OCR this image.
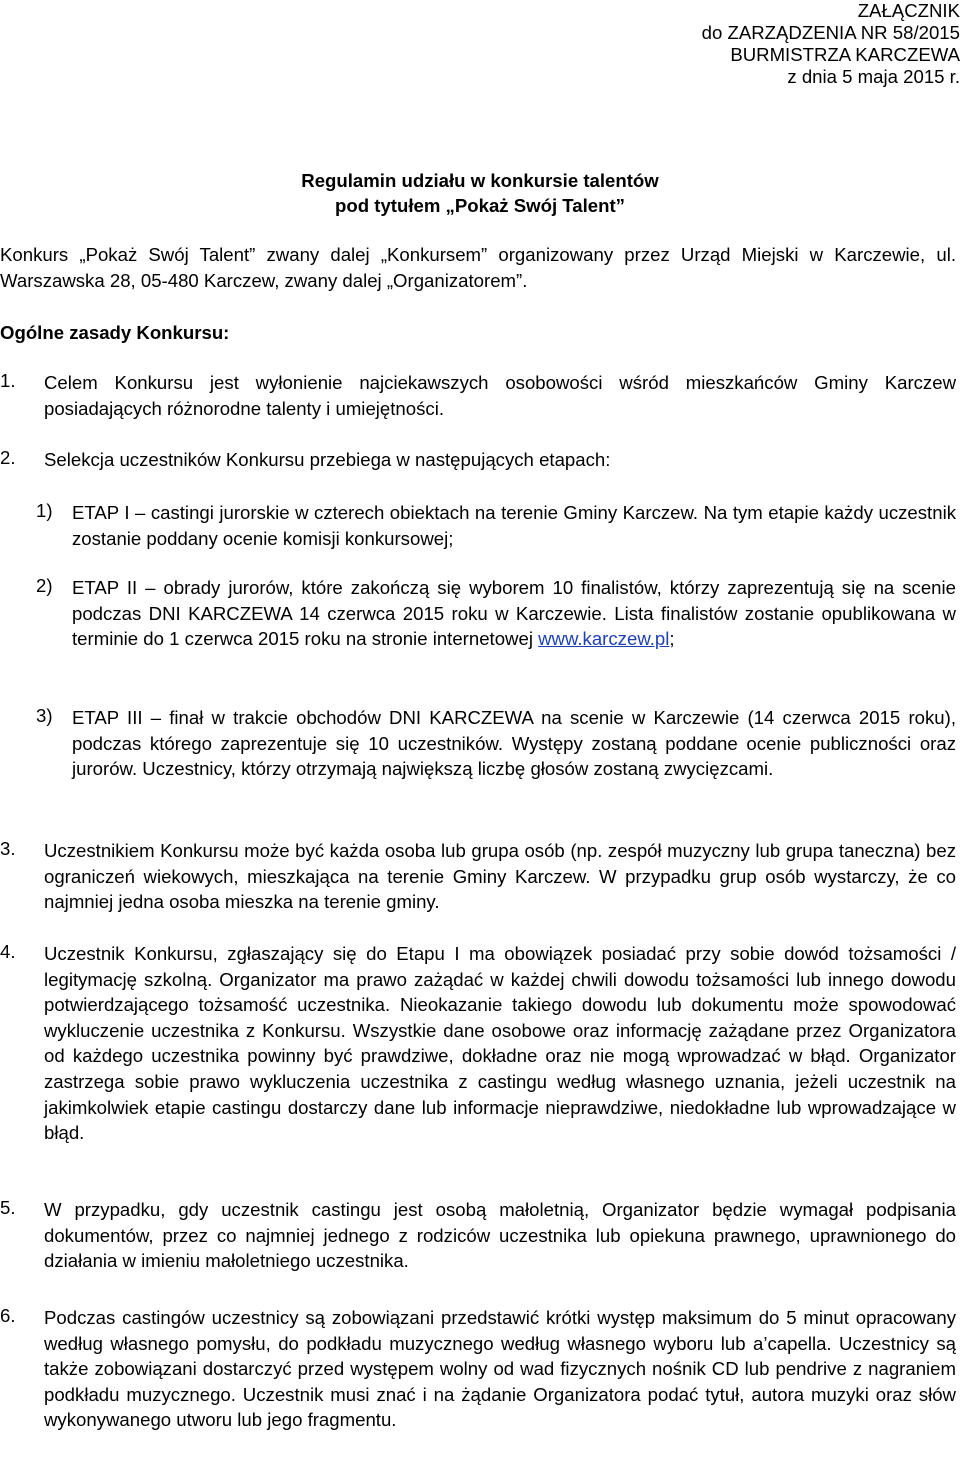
ZAŁĄCZNIK

do ZARZĄDZENIA NR 58/2015

BURMISTRZA KARCZEWA

z dnia 5 maja 2015 r.

Regulamin udziału w konkursie talentów

pod tytułem „Pokaż Swój Talent”

Konkurs „Pokaż Swój Talent” zwany dalej „Konkursem” organizowany przez Urząd Miejski w Karczewie, ul. Warszawska 28, 05-480 Karczew, zwany dalej „Organizatorem”.

Ogólne zasady Konkursu:

1. Celem Konkursu jest wyłonienie najciekawszych osobowości wśród mieszkańców Gminy Karczew posiadających różnorodne talenty i umiejętności.

2. Selekcja uczestników Konkursu przebiega w następujących etapach:

1) ETAP I – castingi jurorskie w czterech obiektach na terenie Gminy Karczew. Na tym etapie każdy uczestnik zostanie poddany ocenie komisji konkursowej;

2) ETAP II – obrady jurorów, które zakończą się wyborem 10 finalistów, którzy zaprezentują się na scenie podczas DNI KARCZEWA 14 czerwca 2015 roku w Karczewie. Lista finalistów zostanie opublikowana w terminie do 1 czerwca 2015 roku na stronie internetowej www.karczew.pl;

3) ETAP III – finał w trakcie obchodów DNI KARCZEWA na scenie w Karczewie (14 czerwca 2015 roku), podczas którego zaprezentuje się 10 uczestników. Występy zostaną poddane ocenie publiczności oraz jurorów. Uczestnicy, którzy otrzymają największą liczbę głosów zostaną zwycięzcami.

3. Uczestnikiem Konkursu może być każda osoba lub grupa osób (np. zespół muzyczny lub grupa taneczna) bez ograniczeń wiekowych, mieszkająca na terenie Gminy Karczew. W przypadku grup osób wystarczy, że co najmniej jedna osoba mieszka na terenie gminy.

4. Uczestnik Konkursu, zgłaszający się do Etapu I ma obowiązek posiadać przy sobie dowód tożsamości / legitymację szkolną. Organizator ma prawo zażądać w każdej chwili dowodu tożsamości lub innego dowodu potwierdzającego tożsamość uczestnika. Nieokazanie takiego dowodu lub dokumentu może spowodować wykluczenie uczestnika z Konkursu. Wszystkie dane osobowe oraz informację zażądane przez Organizatora od każdego uczestnika powinny być prawdziwe, dokładne oraz nie mogą wprowadzać w błąd. Organizator zastrzega sobie prawo wykluczenia uczestnika z castingu według własnego uznania, jeżeli uczestnik na jakimkolwiek etapie castingu dostarczy dane lub informacje nieprawdziwe, niedokładne lub wprowadzające w błąd.

5. W przypadku, gdy uczestnik castingu jest osobą małoletnią, Organizator będzie wymagał podpisania dokumentów, przez co najmniej jednego z rodziców uczestnika lub opiekuna prawnego, uprawnionego do działania w imieniu małoletniego uczestnika.

6. Podczas castingów uczestnicy są zobowiązani przedstawić krótki występ maksimum do 5 minut opracowany według własnego pomysłu, do podkładu muzycznego według własnego wyboru lub a’capella. Uczestnicy są także zobowiązani dostarczyć przed występem wolny od wad fizycznych nośnik CD lub pendrive z nagraniem podkładu muzycznego. Uczestnik musi znać i na żądanie Organizatora podać tytuł, autora muzyki oraz słów wykonywanego utworu lub jego fragmentu.
